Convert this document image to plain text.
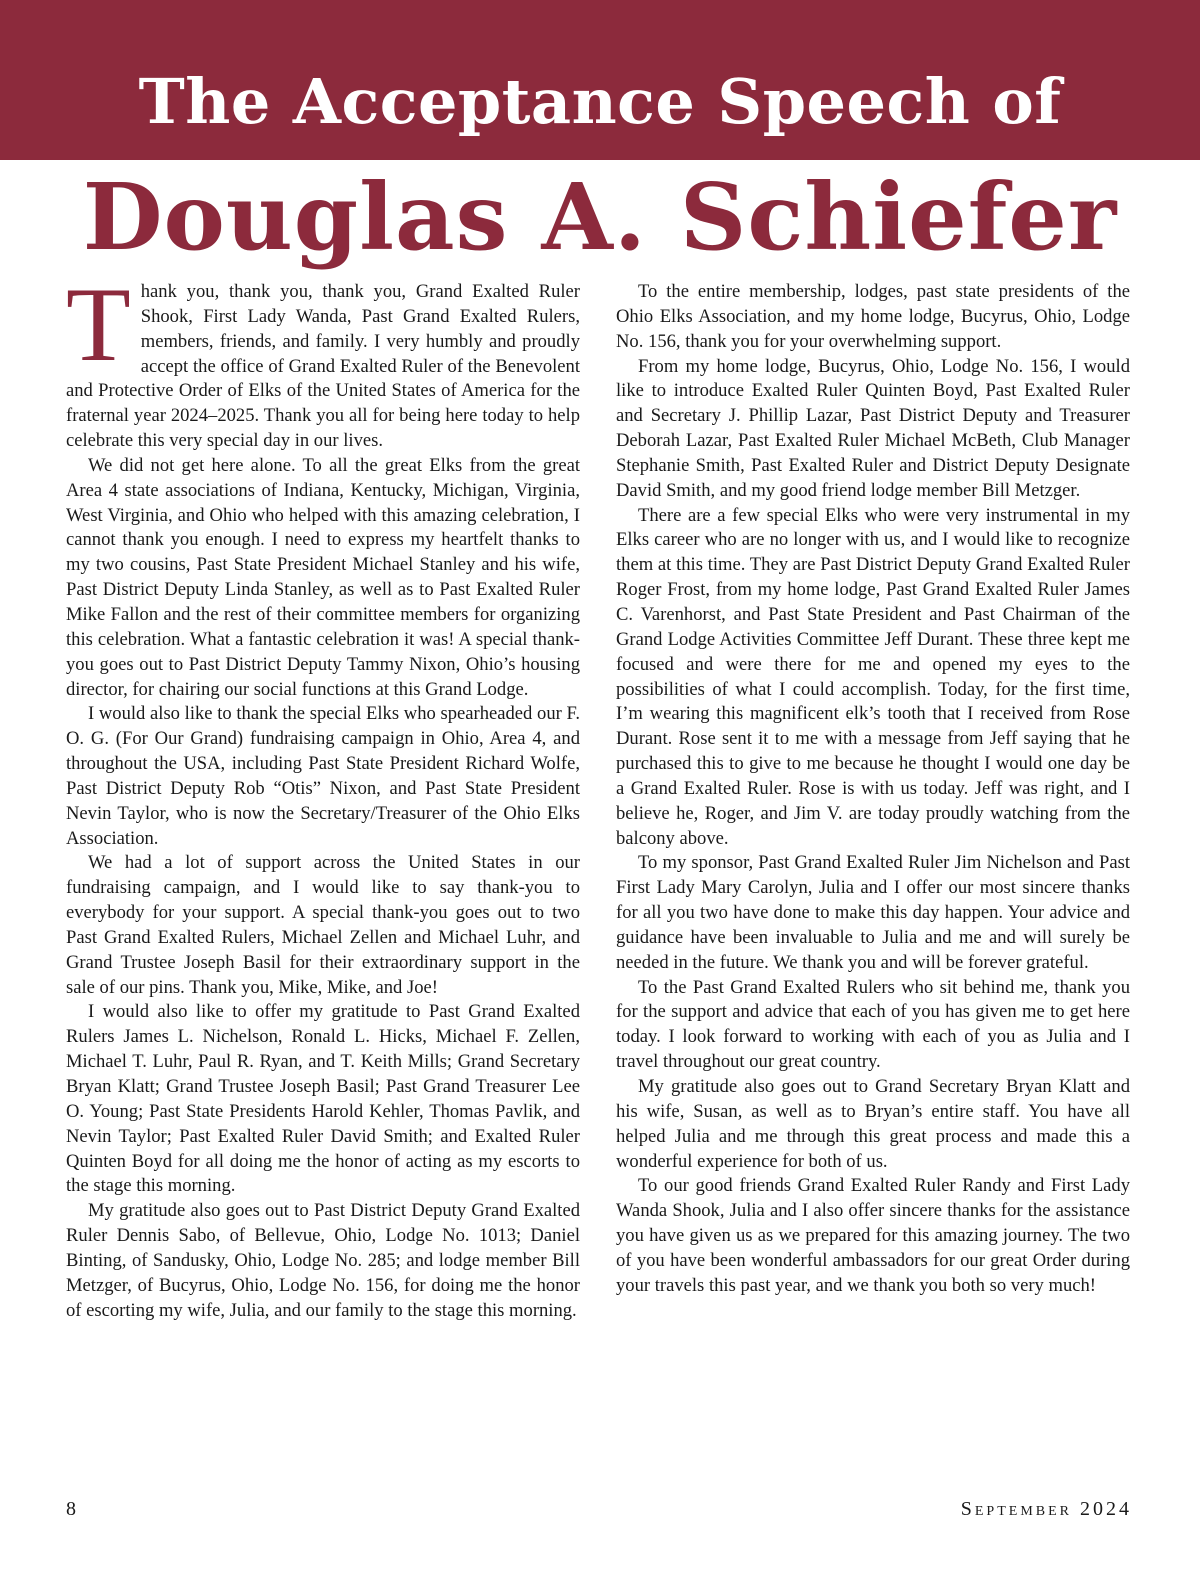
The Acceptance Speech of
Douglas A. Schiefer

Thank you, thank you, thank you, Grand Exalted Ruler Shook, First Lady Wanda, Past Grand Exalted Rulers, members, friends, and family. I very humbly and proudly accept the office of Grand Exalted Ruler of the Benevolent and Protective Order of Elks of the United States of America for the fraternal year 2024–2025. Thank you all for being here today to help celebrate this very special day in our lives.

We did not get here alone. To all the great Elks from the great Area 4 state associations of Indiana, Kentucky, Michigan, Virginia, West Virginia, and Ohio who helped with this amazing celebration, I cannot thank you enough. I need to express my heartfelt thanks to my two cousins, Past State President Michael Stanley and his wife, Past District Deputy Linda Stanley, as well as to Past Exalted Ruler Mike Fallon and the rest of their committee members for organizing this celebration. What a fantastic celebration it was! A special thank-you goes out to Past District Deputy Tammy Nixon, Ohio’s housing director, for chairing our social functions at this Grand Lodge.

I would also like to thank the special Elks who spearheaded our F. O. G. (For Our Grand) fundraising campaign in Ohio, Area 4, and throughout the USA, including Past State President Richard Wolfe, Past District Deputy Rob “Otis” Nixon, and Past State President Nevin Taylor, who is now the Secretary/Treasurer of the Ohio Elks Association.

We had a lot of support across the United States in our fundraising campaign, and I would like to say thank-you to everybody for your support. A special thank-you goes out to two Past Grand Exalted Rulers, Michael Zellen and Michael Luhr, and Grand Trustee Joseph Basil for their extraordinary support in the sale of our pins. Thank you, Mike, Mike, and Joe!

I would also like to offer my gratitude to Past Grand Exalted Rulers James L. Nichelson, Ronald L. Hicks, Michael F. Zellen, Michael T. Luhr, Paul R. Ryan, and T. Keith Mills; Grand Secretary Bryan Klatt; Grand Trustee Joseph Basil; Past Grand Treasurer Lee O. Young; Past State Presidents Harold Kehler, Thomas Pavlik, and Nevin Taylor; Past Exalted Ruler David Smith; and Exalted Ruler Quinten Boyd for all doing me the honor of acting as my escorts to the stage this morning.

My gratitude also goes out to Past District Deputy Grand Exalted Ruler Dennis Sabo, of Bellevue, Ohio, Lodge No. 1013; Daniel Binting, of Sandusky, Ohio, Lodge No. 285; and lodge member Bill Metzger, of Bucyrus, Ohio, Lodge No. 156, for doing me the honor of escorting my wife, Julia, and our family to the stage this morning.

To the entire membership, lodges, past state presidents of the Ohio Elks Association, and my home lodge, Bucyrus, Ohio, Lodge No. 156, thank you for your overwhelming support.

From my home lodge, Bucyrus, Ohio, Lodge No. 156, I would like to introduce Exalted Ruler Quinten Boyd, Past Exalted Ruler and Secretary J. Phillip Lazar, Past District Deputy and Treasurer Deborah Lazar, Past Exalted Ruler Michael McBeth, Club Manager Stephanie Smith, Past Exalted Ruler and District Deputy Designate David Smith, and my good friend lodge member Bill Metzger.

There are a few special Elks who were very instrumental in my Elks career who are no longer with us, and I would like to recognize them at this time. They are Past District Deputy Grand Exalted Ruler Roger Frost, from my home lodge, Past Grand Exalted Ruler James C. Varenhorst, and Past State President and Past Chairman of the Grand Lodge Activities Committee Jeff Durant. These three kept me focused and were there for me and opened my eyes to the possibilities of what I could accomplish. Today, for the first time, I’m wearing this magnificent elk’s tooth that I received from Rose Durant. Rose sent it to me with a message from Jeff saying that he purchased this to give to me because he thought I would one day be a Grand Exalted Ruler. Rose is with us today. Jeff was right, and I believe he, Roger, and Jim V. are today proudly watching from the balcony above.

To my sponsor, Past Grand Exalted Ruler Jim Nichelson and Past First Lady Mary Carolyn, Julia and I offer our most sincere thanks for all you two have done to make this day happen. Your advice and guidance have been invaluable to Julia and me and will surely be needed in the future. We thank you and will be forever grateful.

To the Past Grand Exalted Rulers who sit behind me, thank you for the support and advice that each of you has given me to get here today. I look forward to working with each of you as Julia and I travel throughout our great country.

My gratitude also goes out to Grand Secretary Bryan Klatt and his wife, Susan, as well as to Bryan’s entire staff. You have all helped Julia and me through this great process and made this a wonderful experience for both of us.

To our good friends Grand Exalted Ruler Randy and First Lady Wanda Shook, Julia and I also offer sincere thanks for the assistance you have given us as we prepared for this amazing journey. The two of you have been wonderful ambassadors for our great Order during your travels this past year, and we thank you both so very much!

8	September 2024
